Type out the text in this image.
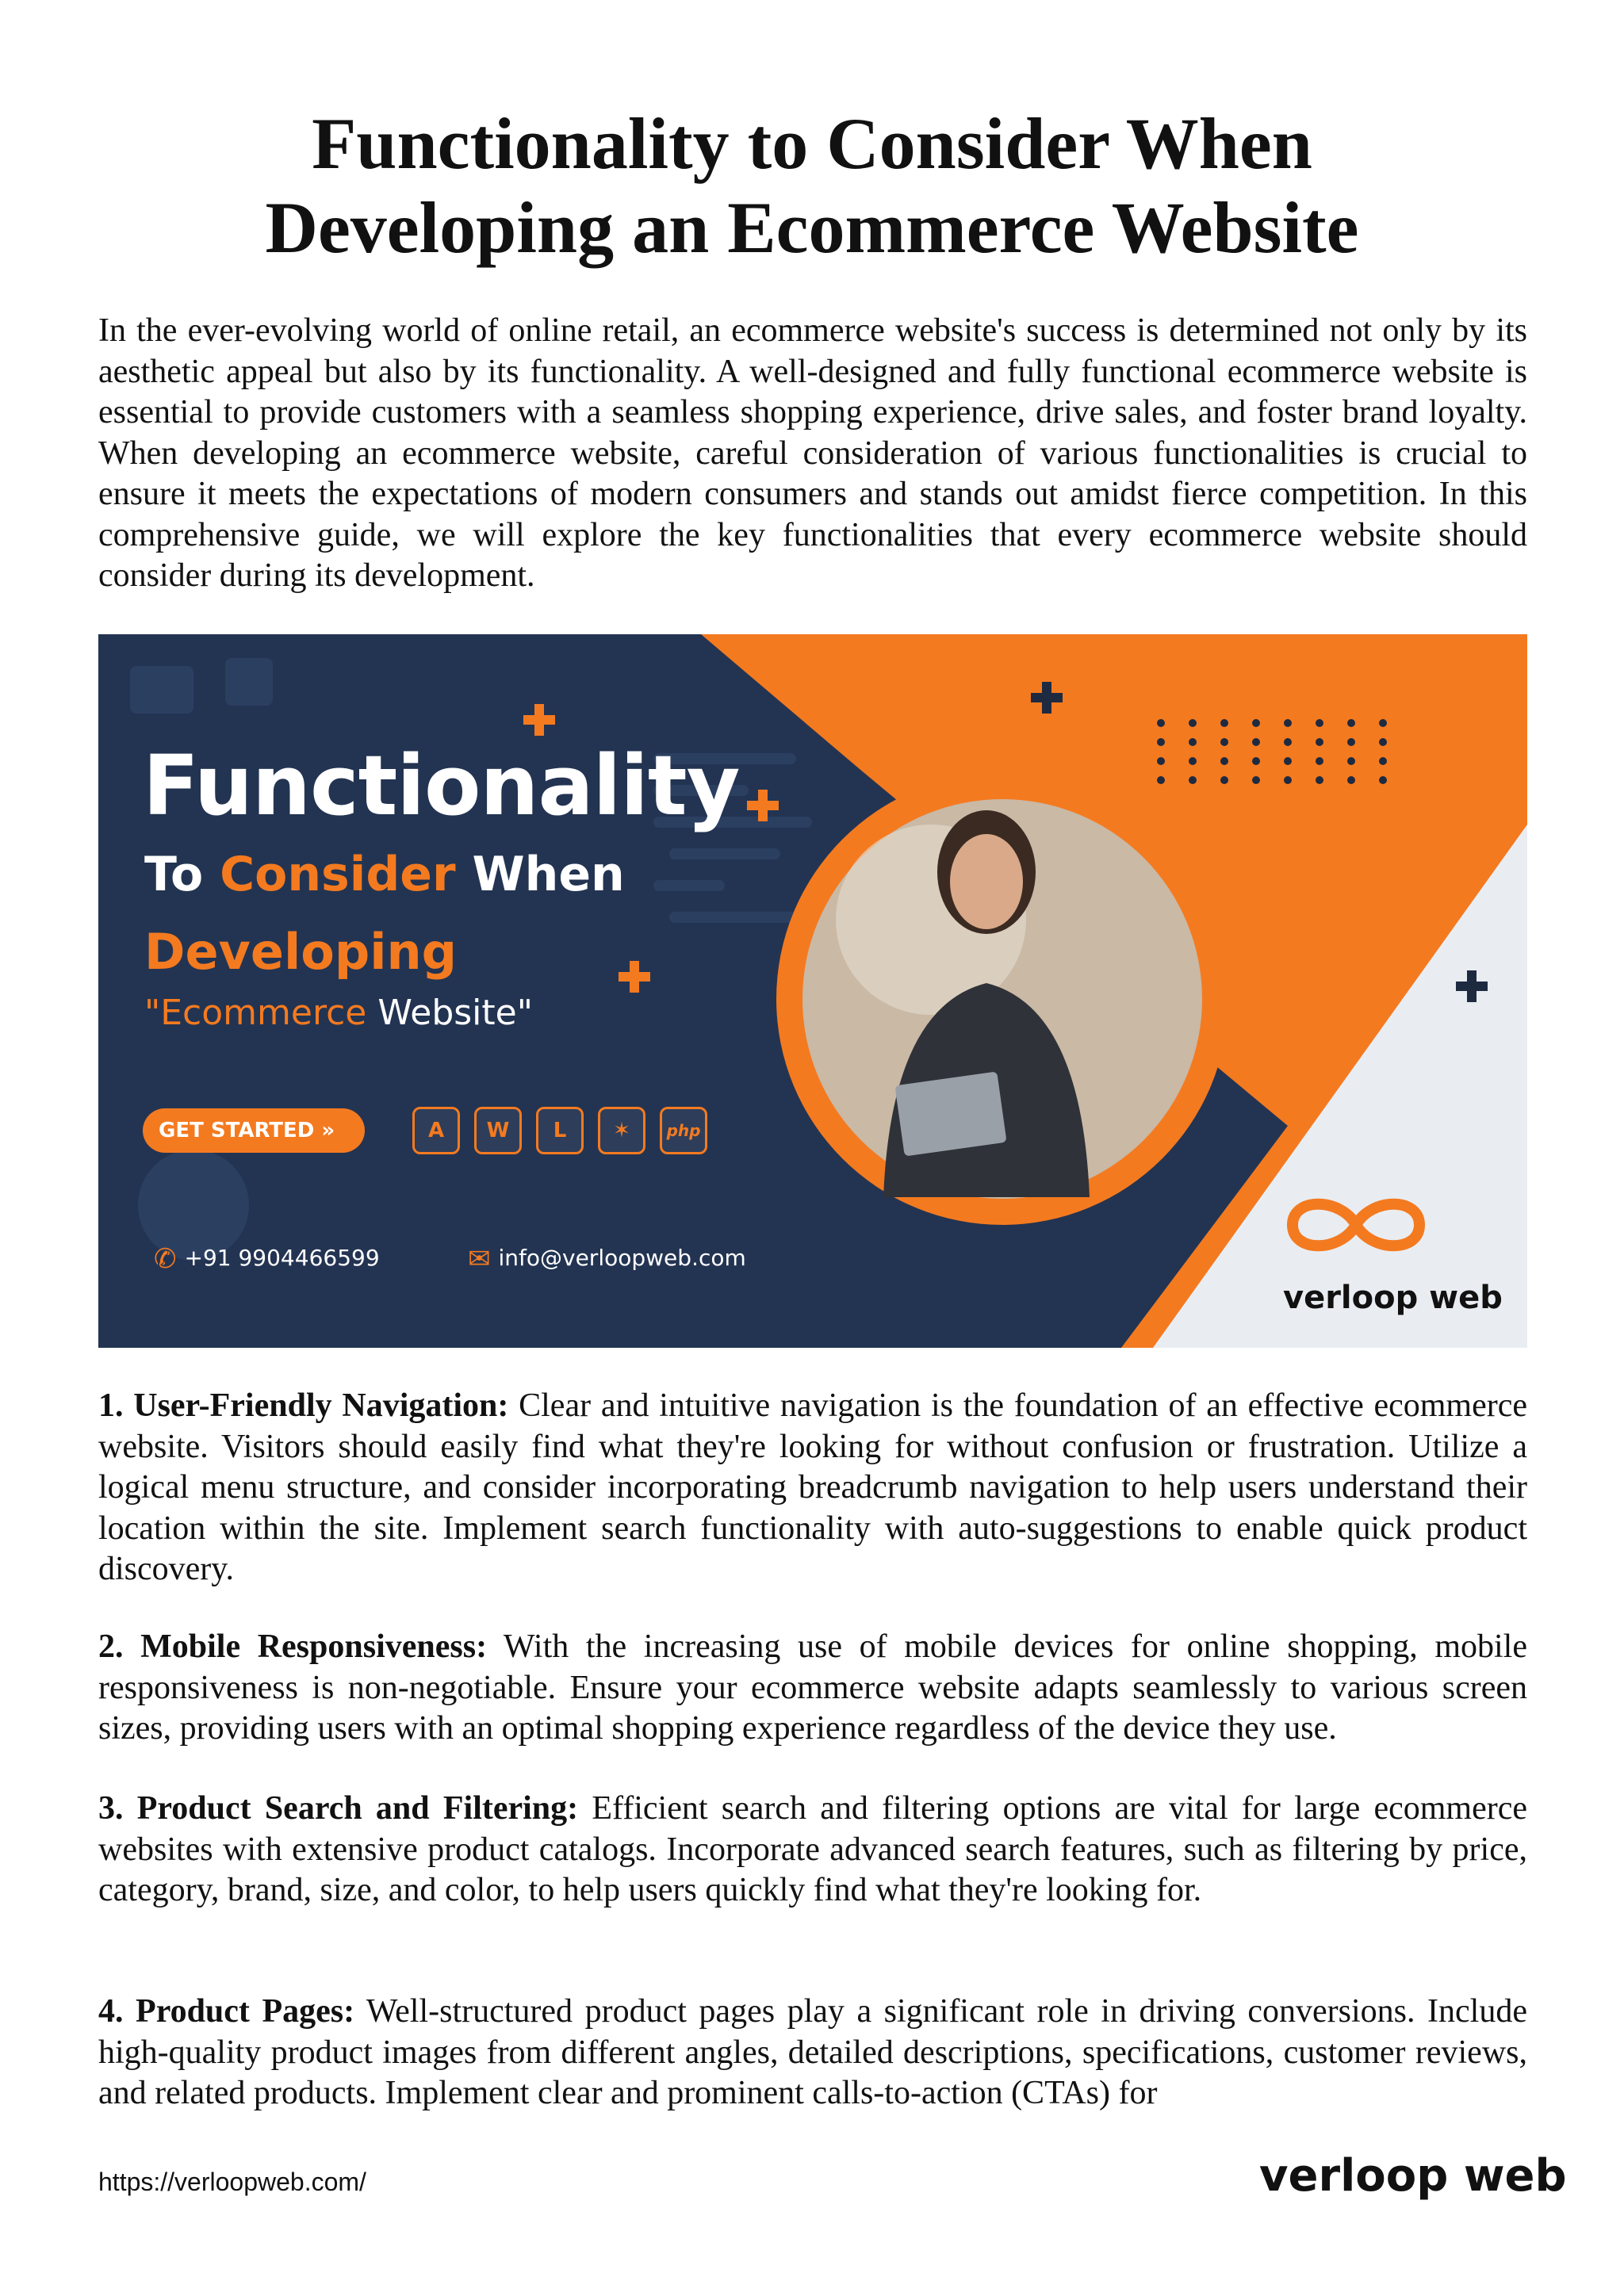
Functionality to Consider When
Developing an Ecommerce Website

In the ever-evolving world of online retail, an ecommerce website's success is determined not only by its aesthetic appeal but also by its functionality. A well-designed and fully functional ecommerce website is essential to provide customers with a seamless shopping experience, drive sales, and foster brand loyalty. When developing an ecommerce website, careful consideration of various functionalities is crucial to ensure it meets the expectations of modern consumers and stands out amidst fierce competition. In this comprehensive guide, we will explore the key functionalities that every ecommerce website should consider during its development.

Functionality
To Consider When
Developing
"Ecommerce Website"
GET STARTED »	A	W	L	✶	php
✆ +91 9904466599	✉ info@verloopweb.com
verloop web

1. User-Friendly Navigation: Clear and intuitive navigation is the foundation of an effective ecommerce website. Visitors should easily find what they're looking for without confusion or frustration. Utilize a logical menu structure, and consider incorporating breadcrumb navigation to help users understand their location within the site. Implement search functionality with auto-suggestions to enable quick product discovery.

2. Mobile Responsiveness: With the increasing use of mobile devices for online shopping, mobile responsiveness is non-negotiable. Ensure your ecommerce website adapts seamlessly to various screen sizes, providing users with an optimal shopping experience regardless of the device they use.

3. Product Search and Filtering: Efficient search and filtering options are vital for large ecommerce websites with extensive product catalogs. Incorporate advanced search features, such as filtering by price, category, brand, size, and color, to help users quickly find what they're looking for.

4. Product Pages: Well-structured product pages play a significant role in driving conversions. Include high-quality product images from different angles, detailed descriptions, specifications, customer reviews, and related products. Implement clear and prominent calls-to-action (CTAs) for

https://verloopweb.com/	verloop web
